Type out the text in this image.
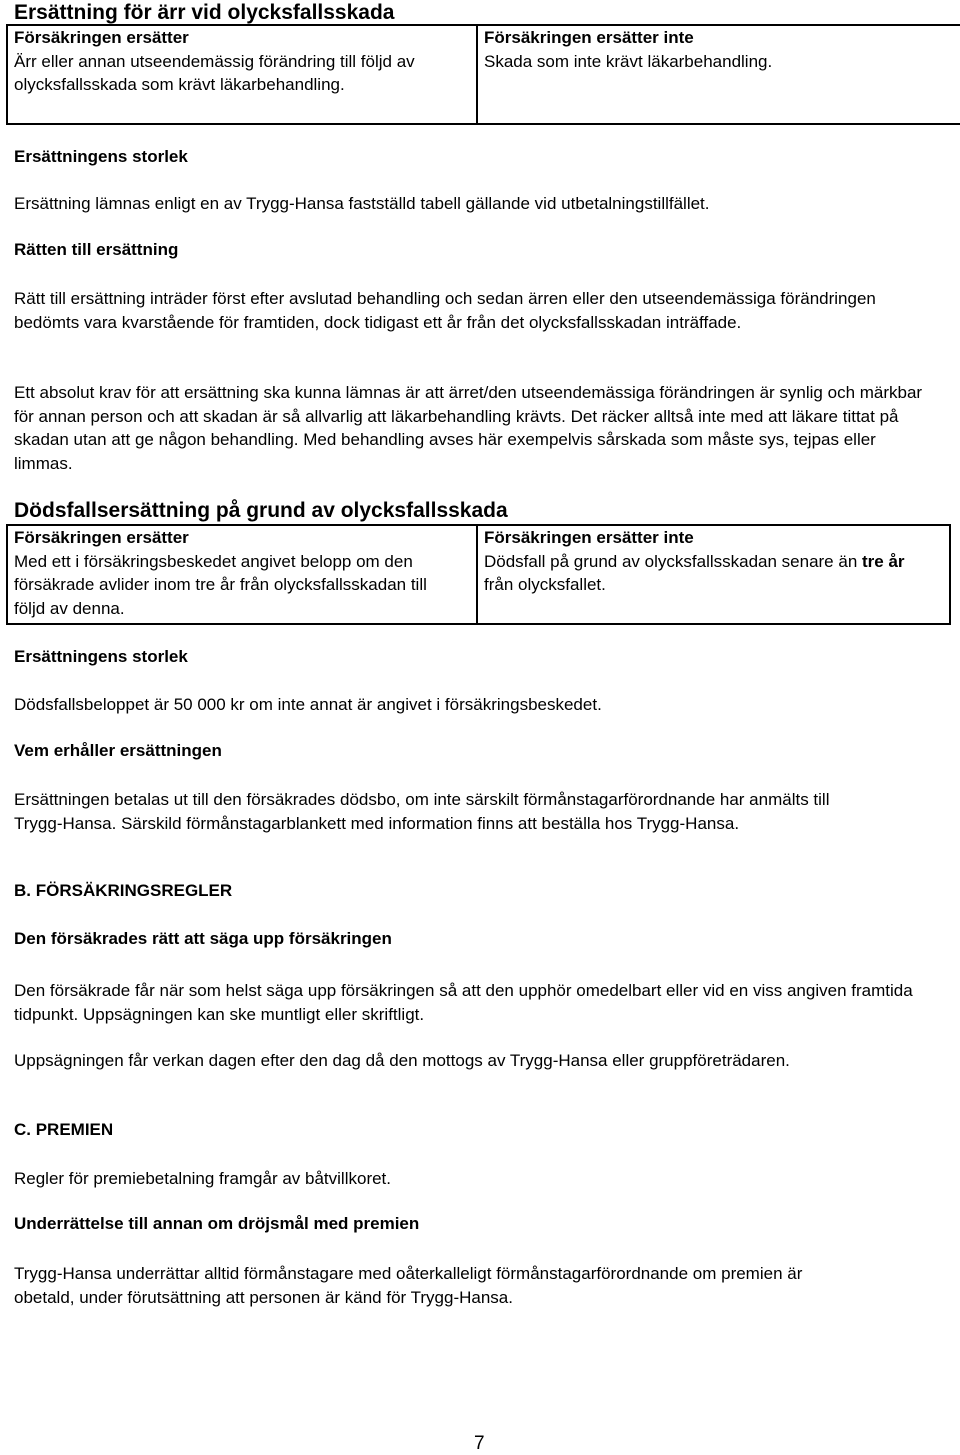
Ersättning för ärr vid olycksfallsskada
Försäkringen ersätter
Ärr eller annan utseendemässig förändring till följd av olycksfallsskada som krävt läkarbehandling.

Försäkringen ersätter inte
Skada som inte krävt läkarbehandling.
Ersättningens storlek
Ersättning lämnas enligt en av Trygg-Hansa fastställd tabell gällande vid utbetalningstillfället.
Rätten till ersättning
Rätt till ersättning inträder först efter avslutad behandling och sedan ärren eller den utseendemässiga förändringen bedömts vara kvarstående för framtiden, dock tidigast ett år från det olycksfallsskadan inträffade.
Ett absolut krav för att ersättning ska kunna lämnas är att ärret/den utseendemässiga förändringen är synlig och märkbar för annan person och att skadan är så allvarlig att läkarbehandling krävts. Det räcker alltså inte med att läkare tittat på skadan utan att ge någon behandling. Med behandling avses här exempelvis sårskada som måste sys, tejpas eller limmas.
Dödsfallsersättning på grund av olycksfallsskada
Försäkringen ersätter
Med ett i försäkringsbeskedet angivet belopp om den försäkrade avlider inom tre år från olycksfallsskadan till följd av denna.

Försäkringen ersätter inte
Dödsfall på grund av olycksfallsskadan senare än tre år från olycksfallet.
Ersättningens storlek
Dödsfallsbeloppet är 50 000 kr om inte annat är angivet i försäkringsbeskedet.
Vem erhåller ersättningen
Ersättningen betalas ut till den försäkrades dödsbo, om inte särskilt förmånstagarförordnande har anmälts till Trygg-Hansa. Särskild förmånstagarblankett med information finns att beställa hos Trygg-Hansa.
B. FÖRSÄKRINGSREGLER
Den försäkrades rätt att säga upp försäkringen
Den försäkrade får när som helst säga upp försäkringen så att den upphör omedelbart eller vid en viss angiven framtida tidpunkt. Uppsägningen kan ske muntligt eller skriftligt.
Uppsägningen får verkan dagen efter den dag då den mottogs av Trygg-Hansa eller gruppföreträdaren.
C. PREMIEN
Regler för premiebetalning framgår av båtvillkoret.
Underrättelse till annan om dröjsmål med premien
Trygg-Hansa underrättar alltid förmånstagare med oåterkalleligt förmånstagarförordnande om premien är obetald, under förutsättning att personen är känd för Trygg-Hansa.
7
